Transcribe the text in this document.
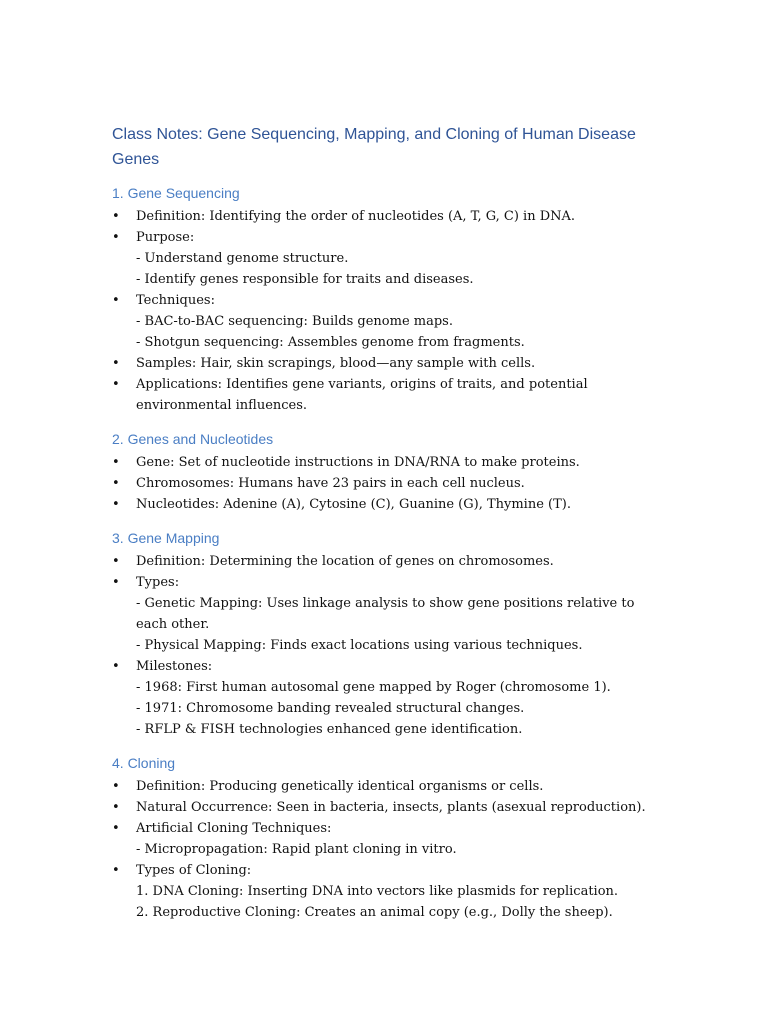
Class Notes: Gene Sequencing, Mapping, and Cloning of Human Disease Genes
1. Gene Sequencing
•	Definition: Identifying the order of nucleotides (A, T, G, C) in DNA.
•	Purpose:
- Understand genome structure.
- Identify genes responsible for traits and diseases.
•	Techniques:
- BAC-to-BAC sequencing: Builds genome maps.
- Shotgun sequencing: Assembles genome from fragments.
•	Samples: Hair, skin scrapings, blood—any sample with cells.
•	Applications: Identifies gene variants, origins of traits, and potential environmental influences.
2. Genes and Nucleotides
•	Gene: Set of nucleotide instructions in DNA/RNA to make proteins.
•	Chromosomes: Humans have 23 pairs in each cell nucleus.
•	Nucleotides: Adenine (A), Cytosine (C), Guanine (G), Thymine (T).
3. Gene Mapping
•	Definition: Determining the location of genes on chromosomes.
•	Types:
- Genetic Mapping: Uses linkage analysis to show gene positions relative to each other.
- Physical Mapping: Finds exact locations using various techniques.
•	Milestones:
- 1968: First human autosomal gene mapped by Roger (chromosome 1).
- 1971: Chromosome banding revealed structural changes.
- RFLP & FISH technologies enhanced gene identification.
4. Cloning
•	Definition: Producing genetically identical organisms or cells.
•	Natural Occurrence: Seen in bacteria, insects, plants (asexual reproduction).
•	Artificial Cloning Techniques:
- Micropropagation: Rapid plant cloning in vitro.
•	Types of Cloning:
1. DNA Cloning: Inserting DNA into vectors like plasmids for replication.
2. Reproductive Cloning: Creates an animal copy (e.g., Dolly the sheep).
